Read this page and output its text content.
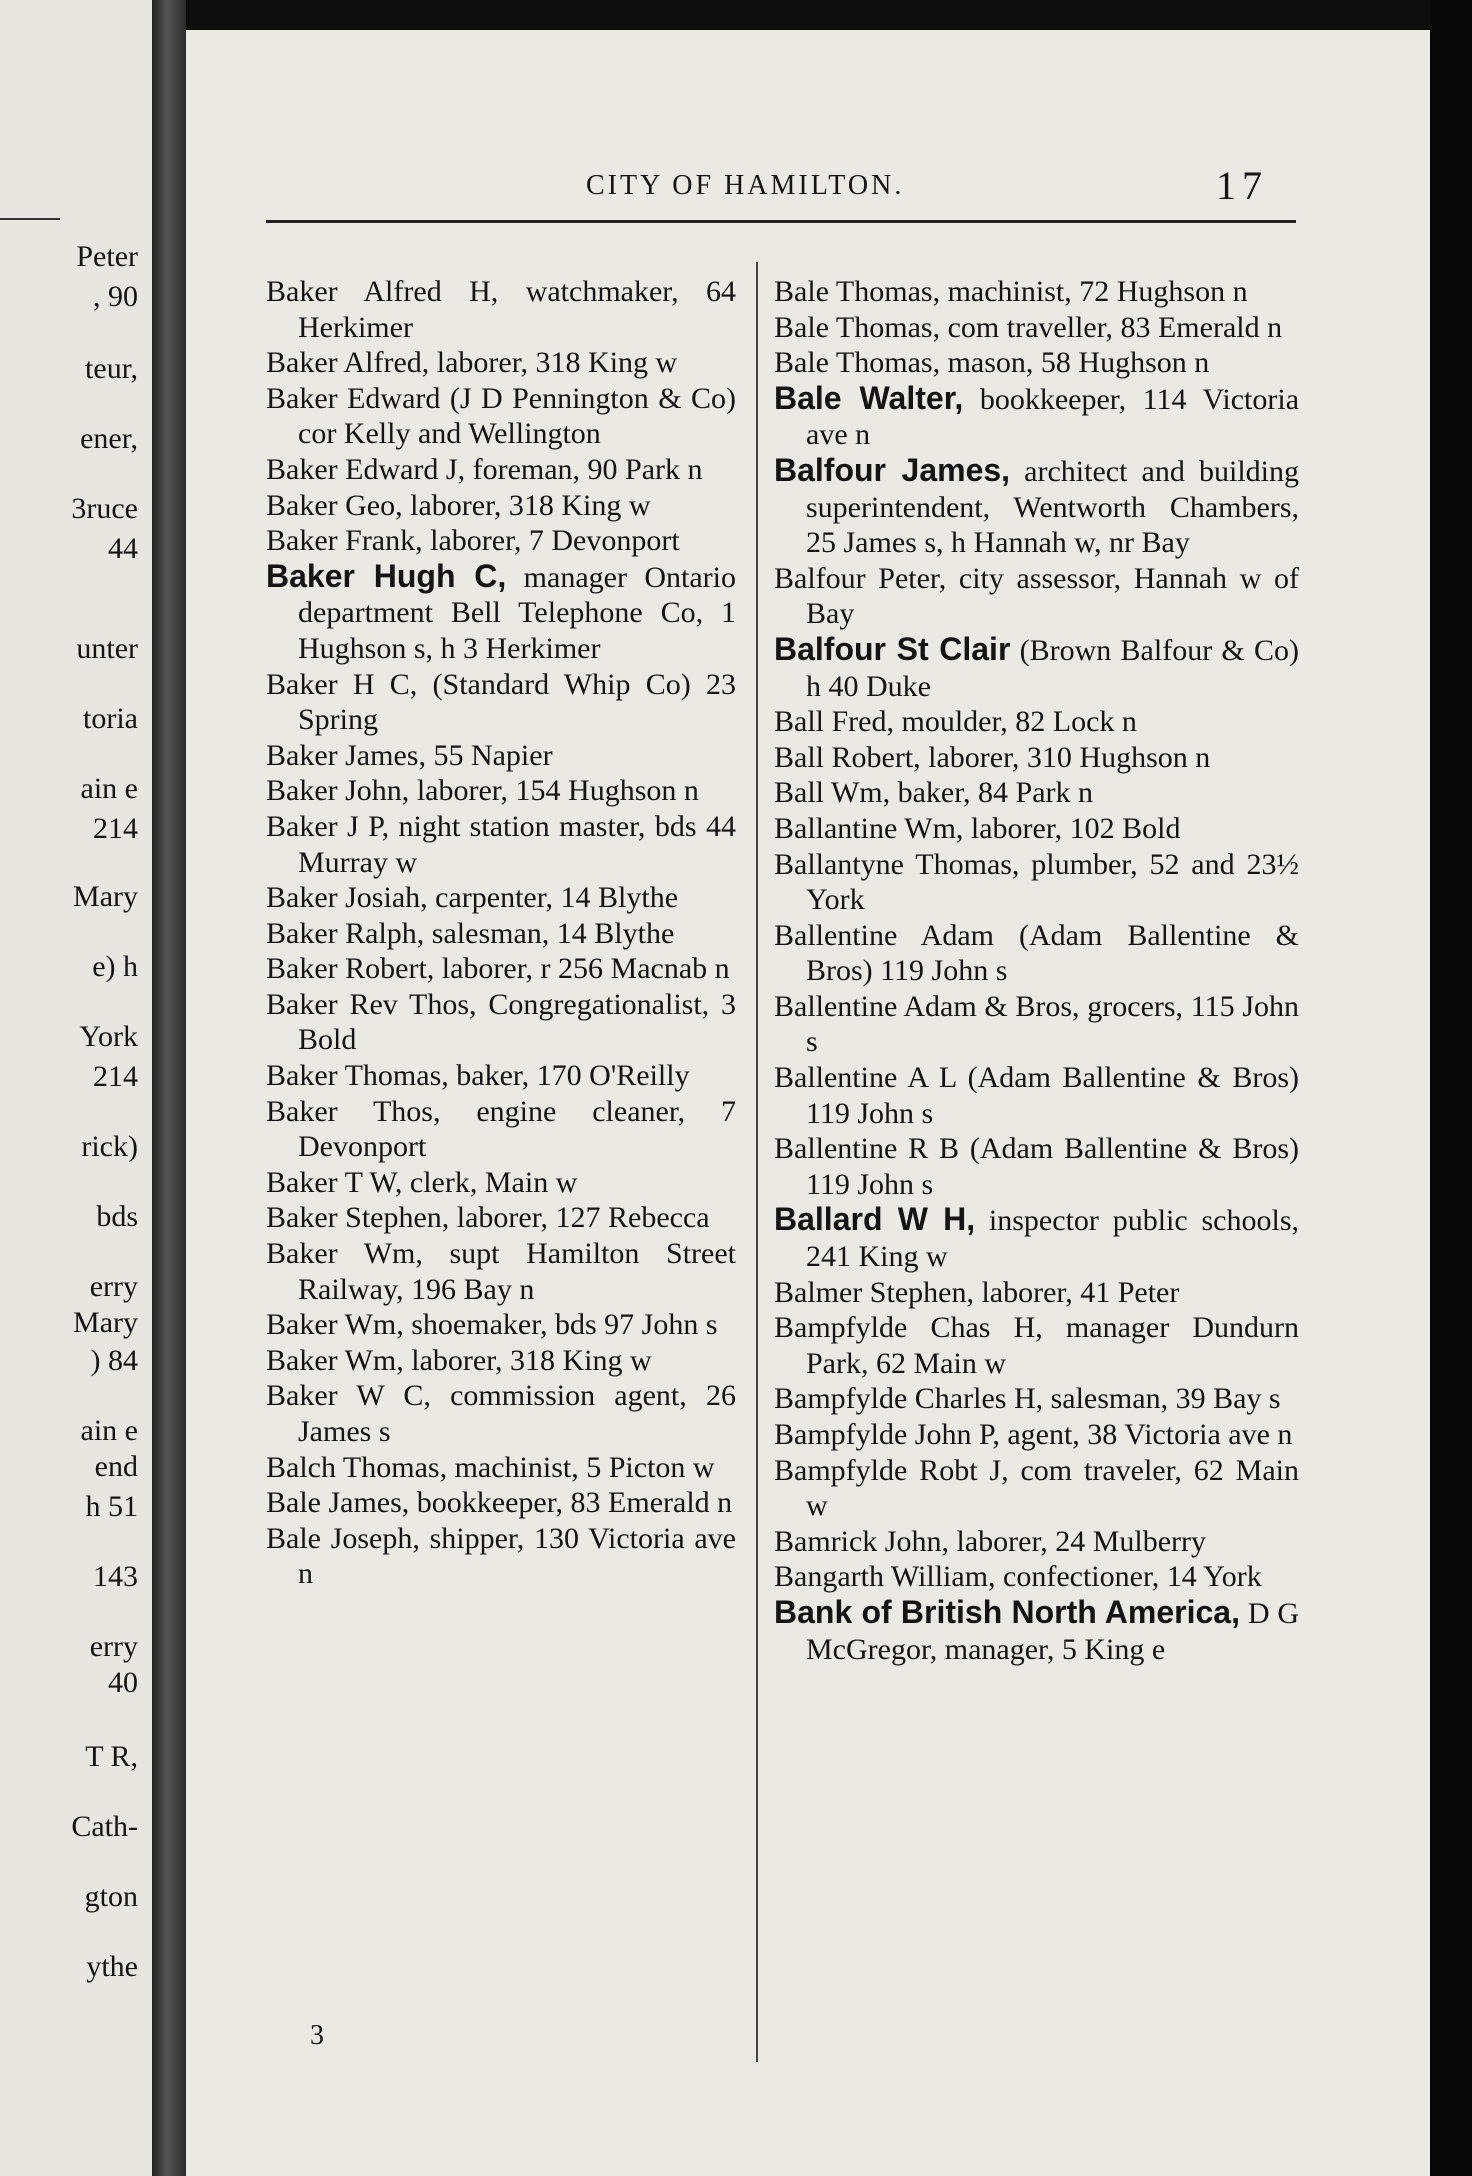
Peter
, 90
teur,
ener,
3ruce
44
unter
toria
ain e
214
Mary
e) h
York
214
rick)
bds
erry
Mary
) 84
ain e
end
h 51
143
erry
40
T R,
Cath-
gton
ythe
CITY OF HAMILTON.	17

Baker Alfred H, watchmaker, 64 Herkimer

Baker Alfred, laborer, 318 King w

Baker Edward (J D Pennington & Co) cor Kelly and Wellington

Baker Edward J, foreman, 90 Park n

Baker Geo, laborer, 318 King w

Baker Frank, laborer, 7 Devonport

Baker Hugh C, manager Ontario department Bell Telephone Co, 1 Hughson s, h 3 Herkimer

Baker H C, (Standard Whip Co) 23 Spring

Baker James, 55 Napier

Baker John, laborer, 154 Hughson n

Baker J P, night station master, bds 44 Murray w

Baker Josiah, carpenter, 14 Blythe

Baker Ralph, salesman, 14 Blythe

Baker Robert, laborer, r 256 Macnab n

Baker Rev Thos, Congregationalist, 3 Bold

Baker Thomas, baker, 170 O'Reilly

Baker Thos, engine cleaner, 7 Devonport

Baker T W, clerk, Main w

Baker Stephen, laborer, 127 Rebecca

Baker Wm, supt Hamilton Street Railway, 196 Bay n

Baker Wm, shoemaker, bds 97 John s

Baker Wm, laborer, 318 King w

Baker W C, commission agent, 26 James s

Balch Thomas, machinist, 5 Picton w

Bale James, bookkeeper, 83 Emerald n

Bale Joseph, shipper, 130 Victoria ave n

Bale Thomas, machinist, 72 Hughson n

Bale Thomas, com traveller, 83 Emerald n

Bale Thomas, mason, 58 Hughson n

Bale Walter, bookkeeper, 114 Victoria ave n

Balfour James, architect and building superintendent, Wentworth Chambers, 25 James s, h Hannah w, nr Bay

Balfour Peter, city assessor, Hannah w of Bay

Balfour St Clair (Brown Balfour & Co) h 40 Duke

Ball Fred, moulder, 82 Lock n

Ball Robert, laborer, 310 Hughson n

Ball Wm, baker, 84 Park n

Ballantine Wm, laborer, 102 Bold

Ballantyne Thomas, plumber, 52 and 23½ York

Ballentine Adam (Adam Ballentine & Bros) 119 John s

Ballentine Adam & Bros, grocers, 115 John s

Ballentine A L (Adam Ballentine & Bros) 119 John s

Ballentine R B (Adam Ballentine & Bros) 119 John s

Ballard W H, inspector public schools, 241 King w

Balmer Stephen, laborer, 41 Peter

Bampfylde Chas H, manager Dundurn Park, 62 Main w

Bampfylde Charles H, salesman, 39 Bay s

Bampfylde John P, agent, 38 Victoria ave n

Bampfylde Robt J, com traveler, 62 Main w

Bamrick John, laborer, 24 Mulberry

Bangarth William, confectioner, 14 York

Bank of British North America, D G McGregor, manager, 5 King e

3
